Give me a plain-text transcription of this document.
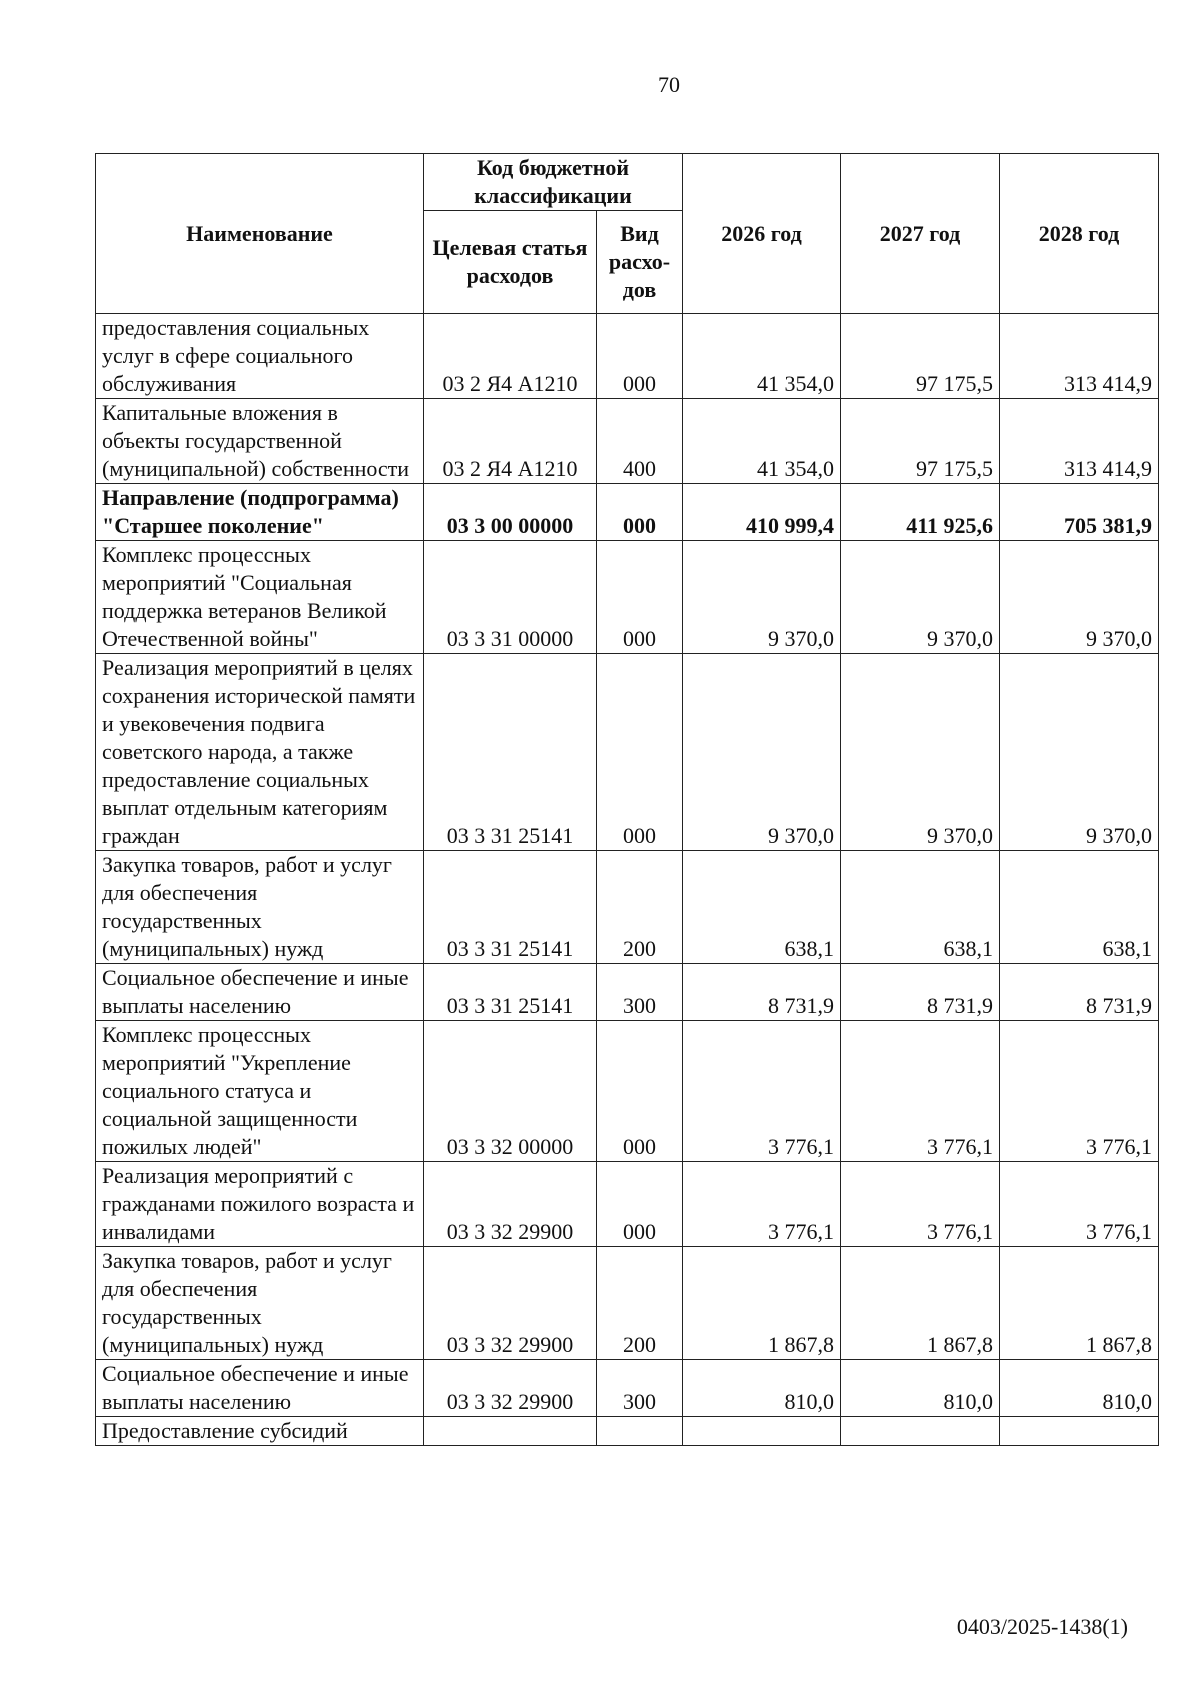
70
Наименование	Код бюджетной классификации		2026 год	2027 год	2028 год
	Целевая статья расходов	Вид расхо-дов			
предоставления социальных услуг в сфере социального обслуживания	03 2 Я4 А1210	000	41 354,0	97 175,5	313 414,9
Капитальные вложения в объекты государственной (муниципальной) собственности	03 2 Я4 А1210	400	41 354,0	97 175,5	313 414,9
Направление (подпрограмма) "Старшее поколение"	03 3 00 00000	000	410 999,4	411 925,6	705 381,9
Комплекс процессных мероприятий "Социальная поддержка ветеранов Великой Отечественной войны"	03 3 31 00000	000	9 370,0	9 370,0	9 370,0
Реализация мероприятий в целях сохранения исторической памяти и увековечения подвига советского народа, а также предоставление социальных выплат отдельным категориям граждан	03 3 31 25141	000	9 370,0	9 370,0	9 370,0
Закупка товаров, работ и услуг для обеспечения государственных (муниципальных) нужд	03 3 31 25141	200	638,1	638,1	638,1
Социальное обеспечение и иные выплаты населению	03 3 31 25141	300	8 731,9	8 731,9	8 731,9
Комплекс процессных мероприятий "Укрепление социального статуса и социальной защищенности пожилых людей"	03 3 32 00000	000	3 776,1	3 776,1	3 776,1
Реализация мероприятий с гражданами пожилого возраста и инвалидами	03 3 32 29900	000	3 776,1	3 776,1	3 776,1
Закупка товаров, работ и услуг для обеспечения государственных (муниципальных) нужд	03 3 32 29900	200	1 867,8	1 867,8	1 867,8
Социальное обеспечение и иные выплаты населению	03 3 32 29900	300	810,0	810,0	810,0
Предоставление субсидий					
0403/2025-1438(1)
